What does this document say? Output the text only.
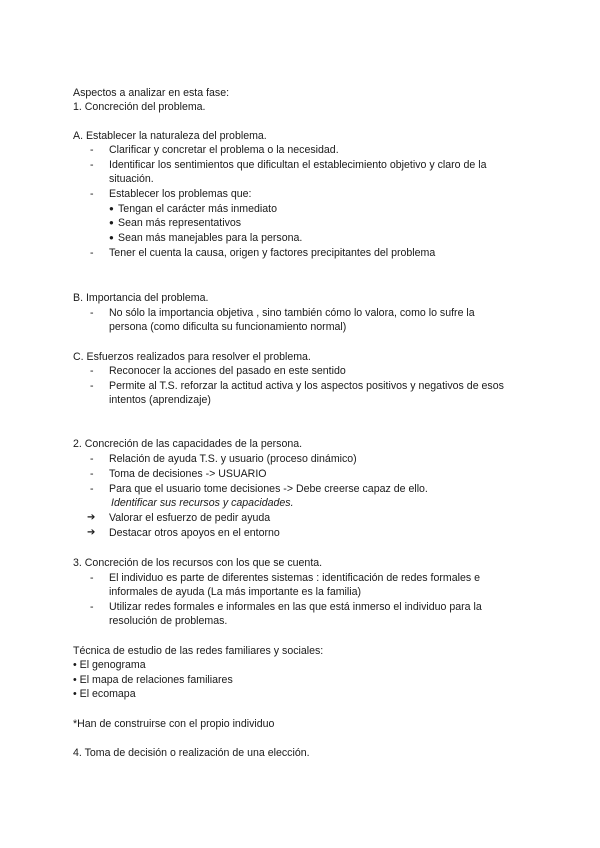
Aspectos a analizar en esta fase:
1. Concreción del problema.
A. Establecer la naturaleza del problema.
- Clarificar y concretar el problema o la necesidad.
- Identificar los sentimientos que dificultan el establecimiento objetivo y claro de la
situación.
- Establecer los problemas que:
● Tengan el carácter más inmediato
● Sean más representativos
● Sean más manejables para la persona.
- Tener el cuenta la causa, origen y factores precipitantes del problema
B. Importancia del problema.
- No sólo la importancia objetiva , sino también cómo lo valora, como lo sufre la
persona (como dificulta su funcionamiento normal)
C. Esfuerzos realizados para resolver el problema.
- Reconocer la acciones del pasado en este sentido
- Permite al T.S. reforzar la actitud activa y los aspectos positivos y negativos de esos
intentos (aprendizaje)
2. Concreción de las capacidades de la persona.
- Relación de ayuda T.S. y usuario (proceso dinámico)
- Toma de decisiones -> USUARIO
- Para que el usuario tome decisiones -> Debe creerse capaz de ello.
Identificar sus recursos y capacidades.
➔ Valorar el esfuerzo de pedir ayuda
➔ Destacar otros apoyos en el entorno
3. Concreción de los recursos con los que se cuenta.
- El individuo es parte de diferentes sistemas : identificación de redes formales e
informales de ayuda (La más importante es la familia)
- Utilizar redes formales e informales en las que está inmerso el individuo para la
resolución de problemas.
Técnica de estudio de las redes familiares y sociales:
• El genograma
• El mapa de relaciones familiares
• El ecomapa
*Han de construirse con el propio individuo
4. Toma de decisión o realización de una elección.
